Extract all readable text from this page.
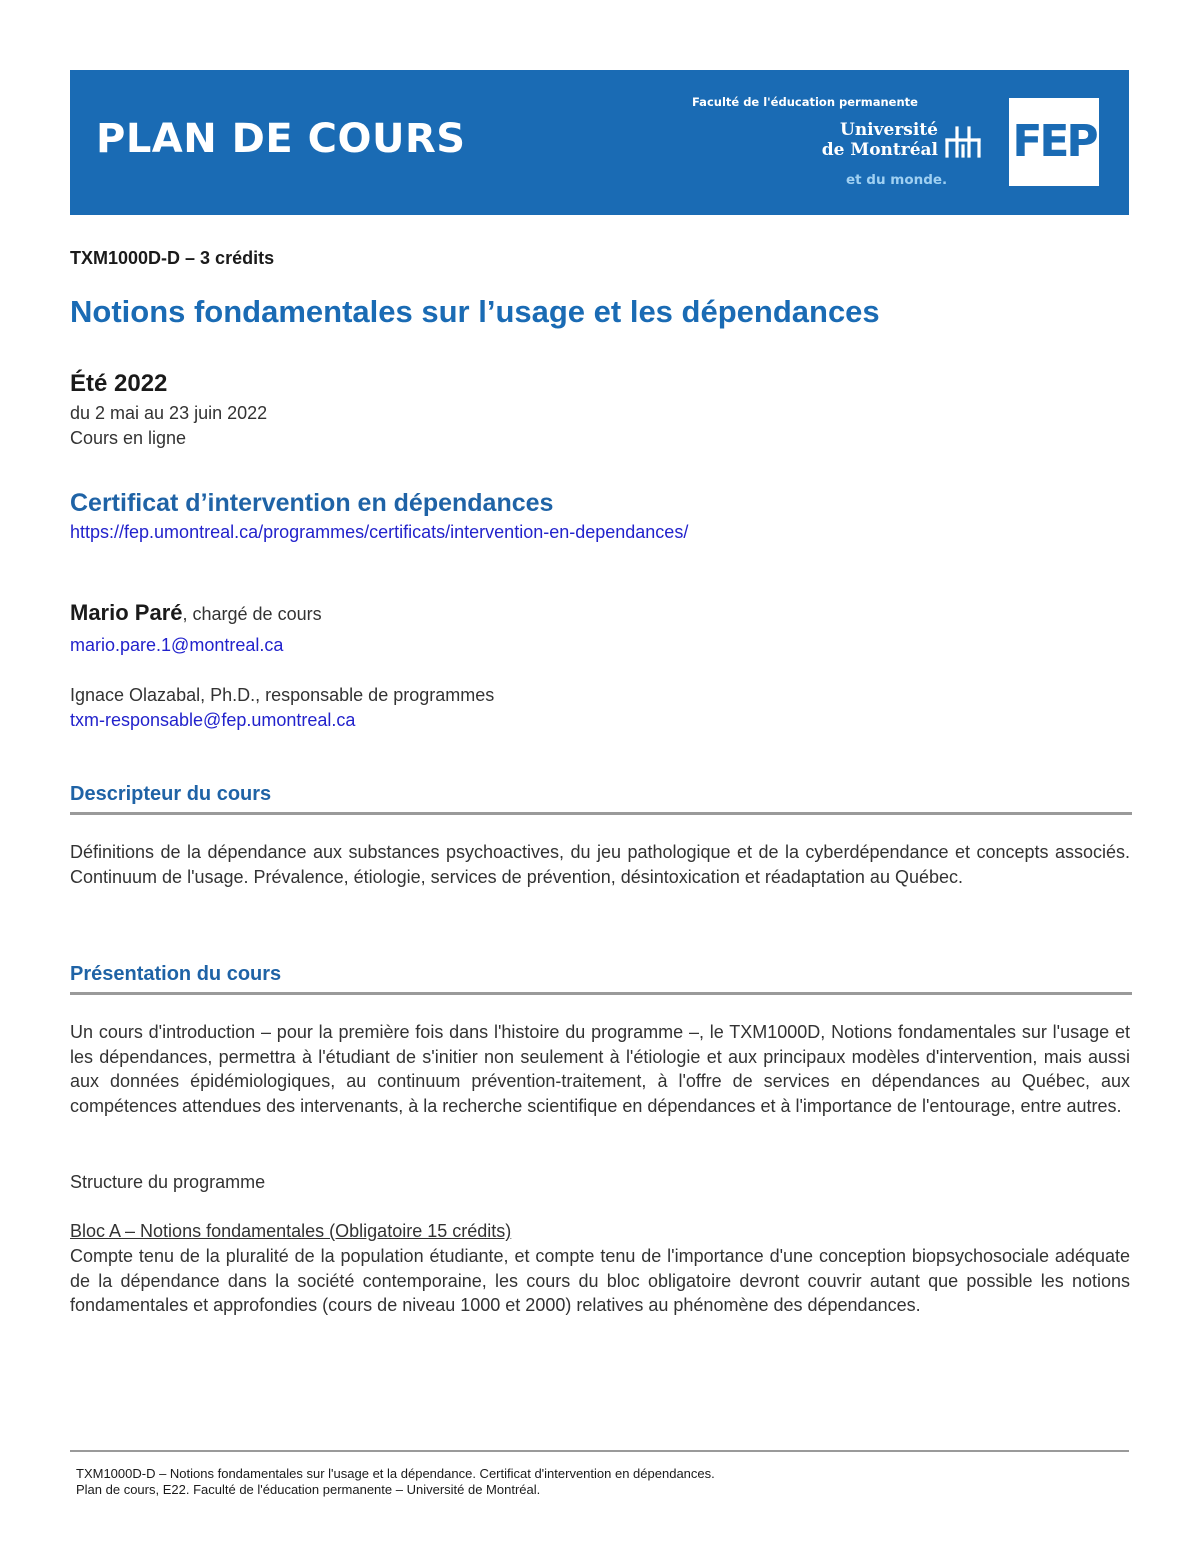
PLAN DE COURS
Faculté de l'éducation permanente
Université
de Montréal
et du monde.
FEP
TXM1000D-D – 3 crédits
Notions fondamentales sur l’usage et les dépendances
Été 2022
du 2 mai au 23 juin 2022
Cours en ligne
Certificat d’intervention en dépendances
https://fep.umontreal.ca/programmes/certificats/intervention-en-dependances/
Mario Paré, chargé de cours
mario.pare.1@montreal.ca
Ignace Olazabal, Ph.D., responsable de programmes
txm-responsable@fep.umontreal.ca
Descripteur du cours
Définitions de la dépendance aux substances psychoactives, du jeu pathologique et de la cyberdépendance et concepts associés. Continuum de l'usage. Prévalence, étiologie, services de prévention, désintoxication et réadaptation au Québec.
Présentation du cours
Un cours d'introduction – pour la première fois dans l'histoire du programme –, le TXM1000D, Notions fondamentales sur l'usage et les dépendances, permettra à l'étudiant de s'initier non seulement à l'étiologie et aux principaux modèles d'intervention, mais aussi aux données épidémiologiques, au continuum prévention-traitement, à l'offre de services en dépendances au Québec, aux compétences attendues des intervenants, à la recherche scientifique en dépendances et à l'importance de l'entourage, entre autres.
Structure du programme
Bloc A – Notions fondamentales (Obligatoire 15 crédits)
Compte tenu de la pluralité de la population étudiante, et compte tenu de l'importance d'une conception biopsychosociale adéquate de la dépendance dans la société contemporaine, les cours du bloc obligatoire devront couvrir autant que possible les notions fondamentales et approfondies (cours de niveau 1000 et 2000) relatives au phénomène des dépendances.
TXM1000D-D – Notions fondamentales sur l'usage et la dépendance. Certificat d'intervention en dépendances.
Plan de cours, E22. Faculté de l'éducation permanente – Université de Montréal.
